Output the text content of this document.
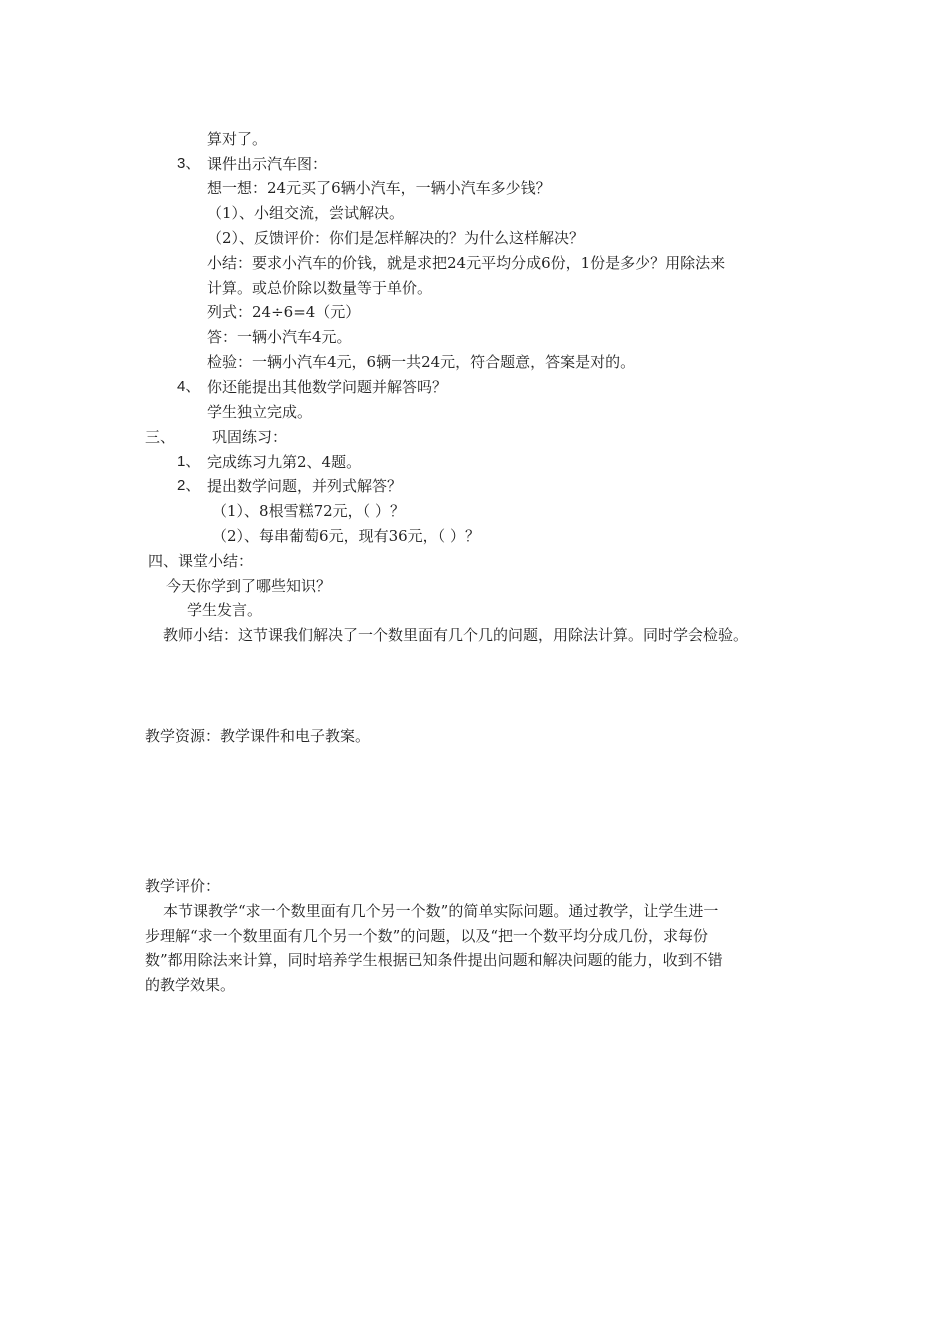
算对了。
3、 课件出示汽车图：
想一想：24元买了6辆小汽车，一辆小汽车多少钱？
（1）、小组交流，尝试解决。
（2）、反馈评价：你们是怎样解决的？为什么这样解决？
小结：要求小汽车的价钱，就是求把24元平均分成6份，1份是多少？用除法来
计算。或总价除以数量等于单价。
列式：24÷6=4（元）
答：一辆小汽车4元。
检验：一辆小汽车4元，6辆一共24元，符合题意，答案是对的。
4、 你还能提出其他数学问题并解答吗？
学生独立完成。
三、 巩固练习：
1、 完成练习九第2、4题。
2、 提出数学问题，并列式解答？
（1）、8根雪糕72元，（ ）？
（2）、每串葡萄6元，现有36元，（ ）？
四、课堂小结：
今天你学到了哪些知识？
学生发言。
教师小结：这节课我们解决了一个数里面有几个几的问题，用除法计算。同时学会检验。
教学资源：教学课件和电子教案。
教学评价：
本节课教学“求一个数里面有几个另一个数”的简单实际问题。通过教学，让学生进一
步理解“求一个数里面有几个另一个数”的问题，以及“把一个数平均分成几份，求每份
数”都用除法来计算，同时培养学生根据已知条件提出问题和解决问题的能力，收到不错
的教学效果。
